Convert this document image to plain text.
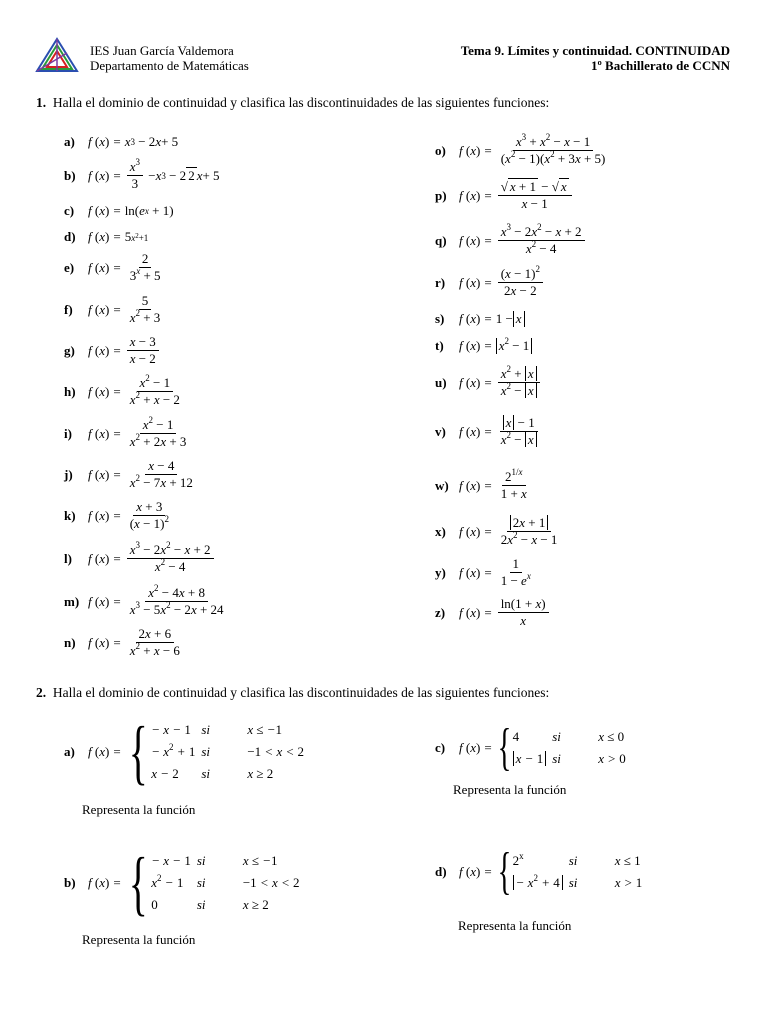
IES Juan García Valdemora
Departamento de Matemáticas
Tema 9. Límites y continuidad. CONTINUIDAD
1º Bachillerato de CCNN
1. Halla el dominio de continuidad y clasifica las discontinuidades de las siguientes funciones:
a)	f ( x ) = x 3 − 2 x + 5
b) f ( x ) = $\frac{x^3}{3} - x$ 3 − 2 2 x + 5
c)	f ( x ) = ln( e x + 1)
d) f ( x ) = 5 $x^2+1$
e)	f ( x ) = $\frac{2}{3^x + 5}$
f)	f ( x ) = $\frac{5}{x^2 + 3}$
g)	f ( x ) = $\frac{x - 3}{x - 2}$
h) f ( x ) = $\frac{x^2 - 1}{x^2 + x - 2}$
i)	f ( x ) = $\frac{x^2 - 1}{x^2 + 2x + 3}$
j)	f ( x ) = $\frac{x - 4}{x^2 - 7x + 12}$
k) f ( x ) = $\frac{x + 3}{(x - 1)^2}$
l)	f ( x ) = $\frac{x^3 - 2x^2 - x + 2}{x^2 - 4}$
m) f ( x ) = $\frac{x^2 - 4x + 8}{x^3 - 5x^2 - 2x + 24}$
n) f ( x ) = $\frac{2x + 6}{x^2 + x - 6}$
o)	f ( x ) = $\frac{x^3 + x^2 - x - 1}{(x^2 - 1)(x^2 + 3x + 5)}$
p) f ( x ) = $\frac{√ x + 1 - √ x}{x - 1}$
q) f ( x ) = $\frac{x^3 - 2x^2 - x + 2}{x^2 - 4}$
r)	f ( x ) = $\frac{(x - 1)^2}{2x - 2}$
s)	f ( x ) = 1 − x
t)	f ( x ) = $x^2 - 1$
u) f ( x ) = $\frac{x^2 + x}{x^2 - x}$
v)	f ( x ) = $\frac{x - 1}{x^2 - x}$
w) f ( x ) = $\frac{2^{1/x}}{1 + x}$
x)	f ( x ) = $\frac{2x + 1}{2x^2 - x - 1}$
y)	f ( x ) = $\frac{1}{1 - e^x}$
z)	f ( x ) = $\frac{\ln(1 + x)}{x}$
2. Halla el dominio de continuidad y clasifica las discontinuidades de las siguientes funciones:
a)	f ( x ) = { − x − 1 si	x ≤ −1
− $x^2 + 1$ si	−1 < x < 2
x − 2	si	x ≥ 2
Representa la función
b) f ( x ) = { − x − 1 si	x ≤ −1
$x^2 - 1$	si	−1 < x < 2
0	si	x ≥ 2
Representa la función
c)	f ( x ) = { 4	si	x ≤ 0
x − 1 si	x > 0
Representa la función
d) f ( x ) = { 2$^x$	si	x ≤ 1
− $x^2 + 4$ si	x > 1
Representa la función
